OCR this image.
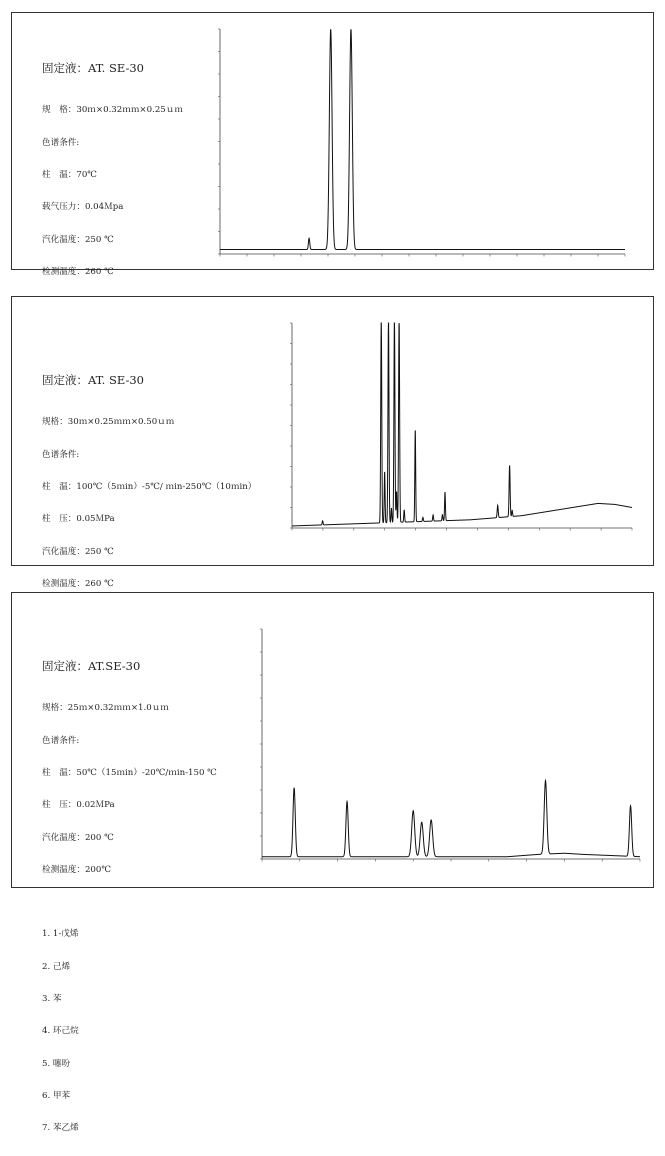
固定液：AT. SE-30

规　格：30ｍ×0.32ｍｍ×0.25ｕｍ

色谱条件:

柱　温：70℃

载气压力：0.04Ｍpa

汽化温度：250 ℃

检测温度：260 ℃

固定液：AT. SE-30

规格：30ｍ×0.25ｍｍ×0.50ｕｍ

色谱条件:

柱　温：100℃（5ｍin）-5℃/ ｍin-250℃（10ｍin）

柱　压：0.05ＭPa

汽化温度：250 ℃

检测温度：260 ℃

固定液：AT.SE-30

规格：25ｍ×0.32ｍｍ×1.0ｕｍ

色谱条件:

柱　温：50℃（15ｍin）-20℃/ｍin-150 ℃

柱　压：0.02ＭPa

汽化温度：200 ℃

检测温度：200℃

1. 1-戊烯

2. 己烯

3. 苯

4. 环己烷

5. 噻吩

6. 甲苯

7. 苯乙烯
